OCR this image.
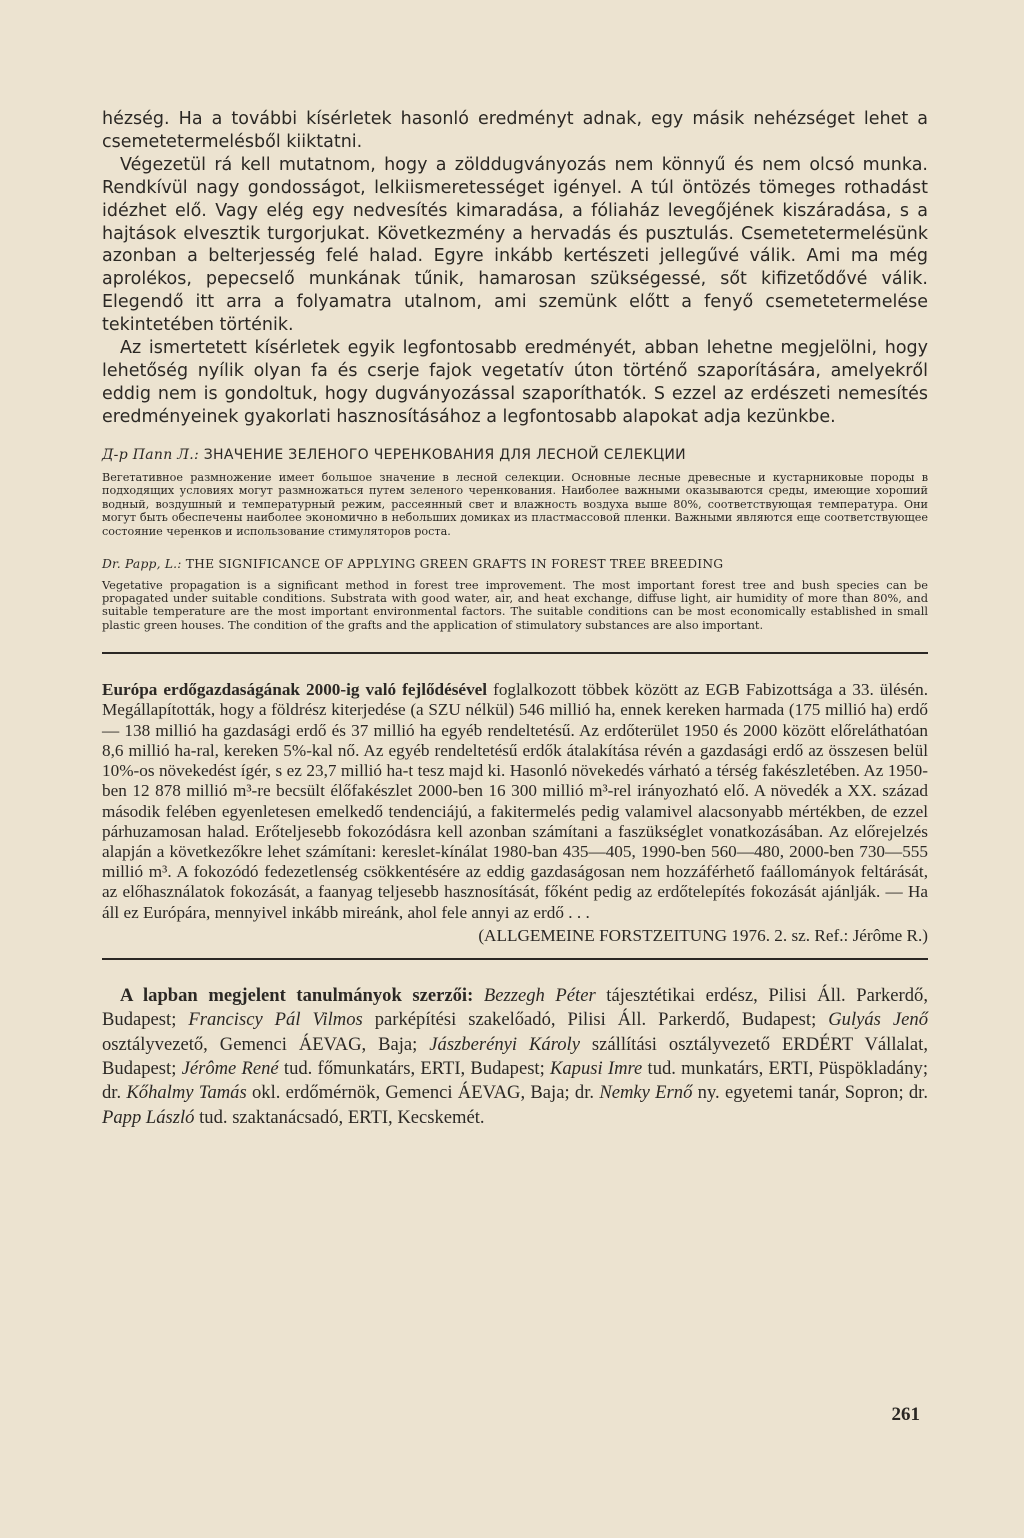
hézség. Ha a további kísérletek hasonló eredményt adnak, egy másik nehézséget lehet a csemetetermelésből kiiktatni.

Végezetül rá kell mutatnom, hogy a zölddugványozás nem könnyű és nem olcsó munka. Rendkívül nagy gondosságot, lelkiismeretességet igényel. A túl öntözés tömeges rothadást idézhet elő. Vagy elég egy nedvesítés kimaradása, a fóliaház levegőjének kiszáradása, s a hajtások elvesztik turgorjukat. Következmény a hervadás és pusztulás. Csemetetermelésünk azonban a belterjesség felé halad. Egyre inkább kertészeti jellegűvé válik. Ami ma még aprolékos, pepecselő munkának tűnik, hamarosan szükségessé, sőt kifizetődővé válik. Elegendő itt arra a folyamatra utalnom, ami szemünk előtt a fenyő csemetetermelése tekintetében történik.

Az ismertetett kísérletek egyik legfontosabb eredményét, abban lehetne megjelölni, hogy lehetőség nyílik olyan fa és cserje fajok vegetatív úton történő szaporítására, amelyekről eddig nem is gondoltuk, hogy dugványozással szaporíthatók. S ezzel az erdészeti nemesítés eredményeinek gyakorlati hasznosításához a legfontosabb alapokat adja kezünkbe.

Д-р Папп Л.: ЗНАЧЕНИЕ ЗЕЛЕНОГО ЧЕРЕНКОВАНИЯ ДЛЯ ЛЕСНОЙ СЕЛЕКЦИИ

Вегетативное размножение имеет большое значение в лесной селекции. Основные лесные древесные и кустарниковые породы в подходящих условиях могут размножаться путем зеленого черенкования. Наиболее важными оказываются среды, имеющие хороший водный, воздушный и температурный режим, рассеянный свет и влажность воздуха выше 80%, соответствующая температура. Они могут быть обеспечены наиболее экономично в небольших домиках из пластмассовой пленки. Важными являются еще соответствующее состояние черенков и использование стимуляторов роста.

Dr. Papp, L.: THE SIGNIFICANCE OF APPLYING GREEN GRAFTS IN FOREST TREE BREEDING

Vegetative propagation is a significant method in forest tree improvement. The most important forest tree and bush species can be propagated under suitable conditions. Substrata with good water, air, and heat exchange, diffuse light, air humidity of more than 80%, and suitable temperature are the most important environmental factors. The suitable conditions can be most economically established in small plastic green houses. The condition of the grafts and the application of stimulatory substances are also important.

Európa erdőgazdaságának 2000-ig való fejlődésével foglalkozott többek között az EGB Fabizottsága a 33. ülésén. Megállapították, hogy a földrész kiterjedése (a SZU nélkül) 546 millió ha, ennek kereken harmada (175 millió ha) erdő — 138 millió ha gazdasági erdő és 37 millió ha egyéb rendeltetésű. Az erdőterület 1950 és 2000 között előreláthatóan 8,6 millió ha-ral, kereken 5%-kal nő. Az egyéb rendeltetésű erdők átalakítása révén a gazdasági erdő az összesen belül 10%-os növekedést ígér, s ez 23,7 millió ha-t tesz majd ki. Hasonló növekedés várható a térség fakészletében. Az 1950-ben 12 878 millió m³-re becsült élőfakészlet 2000-ben 16 300 millió m³-rel irányozható elő. A növedék a XX. század második felében egyenletesen emelkedő tendenciájú, a fakitermelés pedig valamivel alacsonyabb mértékben, de ezzel párhuzamosan halad. Erőteljesebb fokozódásra kell azonban számítani a faszükséglet vonatkozásában. Az előrejelzés alapján a következőkre lehet számítani: kereslet-kínálat 1980-ban 435—405, 1990-ben 560—480, 2000-ben 730—555 millió m³. A fokozódó fedezetlenség csökkentésére az eddig gazdaságosan nem hozzáférhető faállományok feltárását, az előhasználatok fokozását, a faanyag teljesebb hasznosítását, főként pedig az erdőtelepítés fokozását ajánlják. — Ha áll ez Európára, mennyivel inkább mireánk, ahol fele annyi az erdő . . .

(ALLGEMEINE FORSTZEITUNG 1976. 2. sz. Ref.: Jérôme R.)

A lapban megjelent tanulmányok szerzői: Bezzegh Péter tájesztétikai erdész, Pilisi Áll. Parkerdő, Budapest; Franciscy Pál Vilmos parképítési szakelőadó, Pilisi Áll. Parkerdő, Budapest; Gulyás Jenő osztályvezető, Gemenci ÁEVAG, Baja; Jászberényi Károly szállítási osztályvezető ERDÉRT Vállalat, Budapest; Jérôme René tud. főmunkatárs, ERTI, Budapest; Kapusi Imre tud. munkatárs, ERTI, Püspökladány; dr. Kőhalmy Tamás okl. erdőmérnök, Gemenci ÁEVAG, Baja; dr. Nemky Ernő ny. egyetemi tanár, Sopron; dr. Papp László tud. szaktanácsadó, ERTI, Kecskemét.

261
